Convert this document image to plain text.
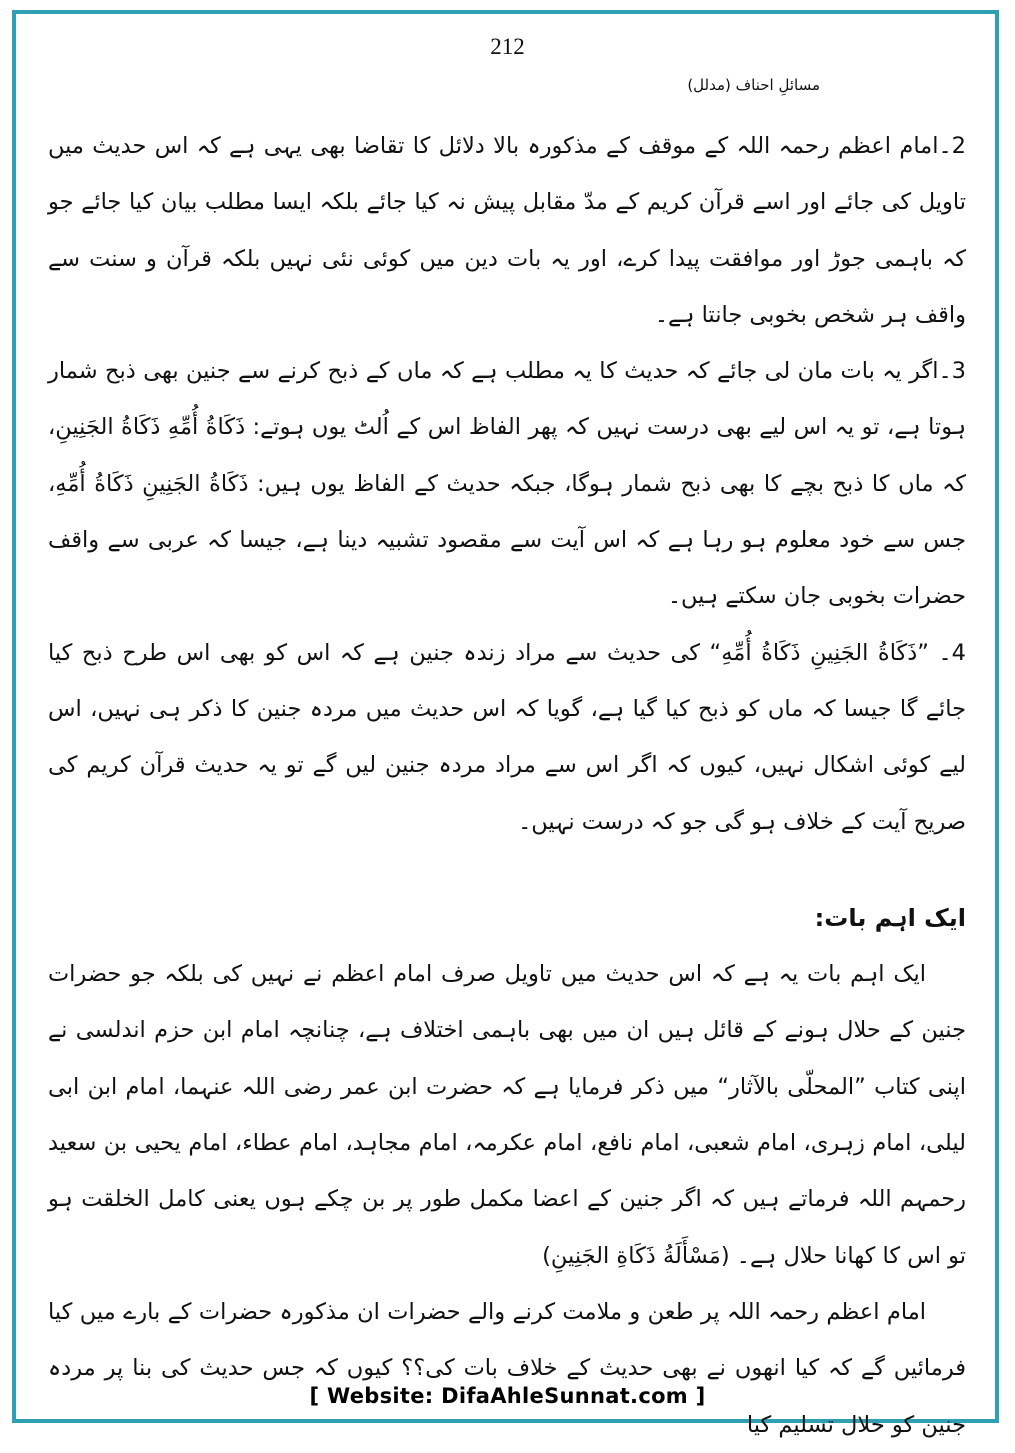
212
مسائلِ احناف (مدلل)

2۔امام اعظم رحمہ اللہ کے موقف کے مذکورہ بالا دلائل کا تقاضا بھی یہی ہے کہ اس حدیث میں تاویل کی جائے اور اسے قرآن کریم کے مدّ مقابل پیش نہ کیا جائے بلکہ ایسا مطلب بیان کیا جائے جو کہ باہمی جوڑ اور موافقت پیدا کرے، اور یہ بات دین میں کوئی نئی نہیں بلکہ قرآن و سنت سے واقف ہر شخص بخوبی جانتا ہے۔

3۔اگر یہ بات مان لی جائے کہ حدیث کا یہ مطلب ہے کہ ماں کے ذبح کرنے سے جنین بھی ذبح شمار ہوتا ہے، تو یہ اس لیے بھی درست نہیں کہ پھر الفاظ اس کے اُلٹ یوں ہوتے: ذَكَاةُ أُمِّهِ ذَكَاةُ الجَنِينِ، کہ ماں کا ذبح بچے کا بھی ذبح شمار ہوگا، جبکہ حدیث کے الفاظ یوں ہیں: ذَكَاةُ الجَنِينِ ذَكَاةُ أُمِّهِ، جس سے خود معلوم ہو رہا ہے کہ اس آیت سے مقصود تشبیہ دینا ہے، جیسا کہ عربی سے واقف حضرات بخوبی جان سکتے ہیں۔

4۔ ”ذَكَاةُ الجَنِينِ ذَكَاةُ أُمِّهِ“ کی حدیث سے مراد زندہ جنین ہے کہ اس کو بھی اس طرح ذبح کیا جائے گا جیسا کہ ماں کو ذبح کیا گیا ہے، گویا کہ اس حدیث میں مردہ جنین کا ذکر ہی نہیں، اس لیے کوئی اشکال نہیں، کیوں کہ اگر اس سے مراد مردہ جنین لیں گے تو یہ حدیث قرآن کریم کی صریح آیت کے خلاف ہو گی جو کہ درست نہیں۔

ایک اہم بات:

ایک اہم بات یہ ہے کہ اس حدیث میں تاویل صرف امام اعظم نے نہیں کی بلکہ جو حضرات جنین کے حلال ہونے کے قائل ہیں ان میں بھی باہمی اختلاف ہے، چنانچہ امام ابن حزم اندلسی نے اپنی کتاب ”المحلّی بالآثار“ میں ذکر فرمایا ہے کہ حضرت ابن عمر رضی اللہ عنہما، امام ابن ابی لیلی، امام زہری، امام شعبی، امام نافع، امام عکرمہ، امام مجاہد، امام عطاء، امام یحیی بن سعید رحمہم اللہ فرماتے ہیں کہ اگر جنین کے اعضا مکمل طور پر بن چکے ہوں یعنی کامل الخلقت ہو تو اس کا کھانا حلال ہے۔ (مَسْأَلَةُ ذَكَاةِ الجَنِينِ)

امام اعظم رحمہ اللہ پر طعن و ملامت کرنے والے حضرات ان مذکورہ حضرات کے بارے میں کیا فرمائیں گے کہ کیا انھوں نے بھی حدیث کے خلاف بات کی؟؟ کیوں کہ جس حدیث کی بنا پر مردہ جنین کو حلال تسلیم کیا

[ Website: DifaAhleSunnat.com ]
